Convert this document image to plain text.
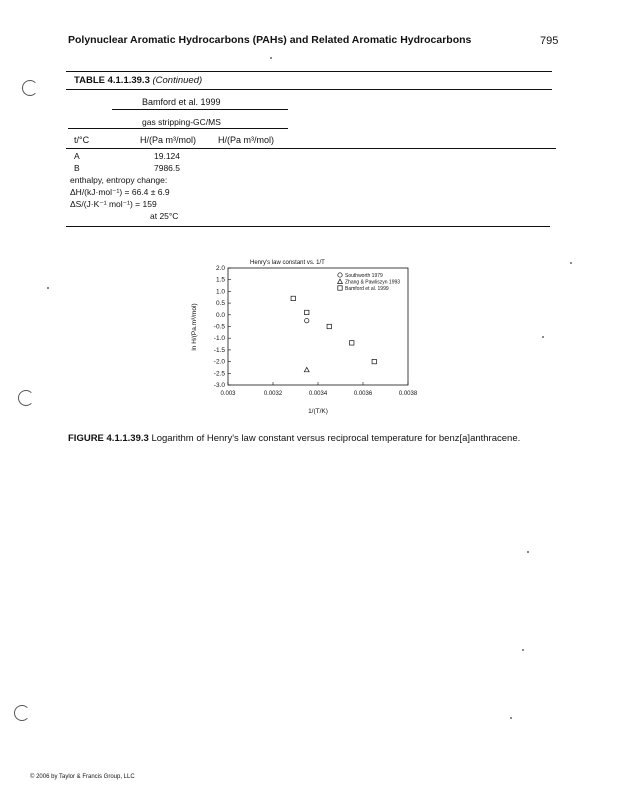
Polynuclear Aromatic Hydrocarbons (PAHs) and Related Aromatic Hydrocarbons	795
TABLE 4.1.1.39.3 (Continued)
Bamford et al. 1999
gas stripping-GC/MS
t/°C	H/(Pa m³/mol) H/(Pa m³/mol)
A	19.124
B	7986.5
enthalpy, entropy change:
ΔH/(kJ·mol⁻¹) = 66.4 ± 6.9
ΔS/(J·K⁻¹ mol⁻¹) = 159
at 25°C
Henry's law constant vs. 1/T
2.0
1.5
1.0
0.5
0.0
-0.5
-1.0
-1.5
-2.0
-2.5
-3.0
0.003	0.0032	0.0034	0.0036	0.0038
Southworth 1979
Zhang & Pawliszyn 1993
Bamford et al. 1999
1/(T/K)
ln H/(Pa.m³/mol)
FIGURE 4.1.1.39.3 Logarithm of Henry's law constant versus reciprocal temperature for benz[a]anthracene.
© 2006 by Taylor & Francis Group, LLC
